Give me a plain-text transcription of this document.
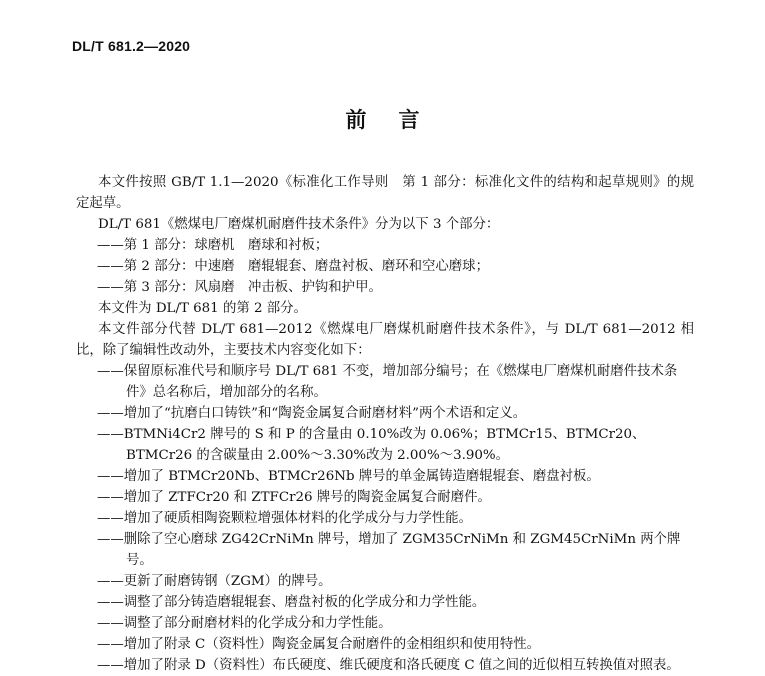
DL/T 681.2—2020
前言
本文件按照 GB/T 1.1—2020《标准化工作导则　第 1 部分：标准化文件的结构和起草规则》的规定起草。
DL/T 681《燃煤电厂磨煤机耐磨件技术条件》分为以下 3 个部分：
——第 1 部分：球磨机　磨球和衬板；
——第 2 部分：中速磨　磨辊辊套、磨盘衬板、磨环和空心磨球；
——第 3 部分：风扇磨　冲击板、护钩和护甲。
本文件为 DL/T 681 的第 2 部分。
本文件部分代替 DL/T 681—2012《燃煤电厂磨煤机耐磨件技术条件》，与 DL/T 681—2012 相比，除了编辑性改动外，主要技术内容变化如下：
——保留原标准代号和顺序号 DL/T 681 不变，增加部分编号；在《燃煤电厂磨煤机耐磨件技术条件》总名称后，增加部分的名称。
——增加了“抗磨白口铸铁”和“陶瓷金属复合耐磨材料”两个术语和定义。
——BTMNi4Cr2 牌号的 S 和 P 的含量由 0.10%改为 0.06%；BTMCr15、BTMCr20、BTMCr26 的含碳量由 2.00%～3.30%改为 2.00%～3.90%。
——增加了 BTMCr20Nb、BTMCr26Nb 牌号的单金属铸造磨辊辊套、磨盘衬板。
——增加了 ZTFCr20 和 ZTFCr26 牌号的陶瓷金属复合耐磨件。
——增加了硬质相陶瓷颗粒增强体材料的化学成分与力学性能。
——删除了空心磨球 ZG42CrNiMn 牌号，增加了 ZGM35CrNiMn 和 ZGM45CrNiMn 两个牌号。
——更新了耐磨铸钢（ZGM）的牌号。
——调整了部分铸造磨辊辊套、磨盘衬板的化学成分和力学性能。
——调整了部分耐磨材料的化学成分和力学性能。
——增加了附录 C（资料性）陶瓷金属复合耐磨件的金相组织和使用特性。
——增加了附录 D（资料性）布氏硬度、维氏硬度和洛氏硬度 C 值之间的近似相互转换值对照表。
